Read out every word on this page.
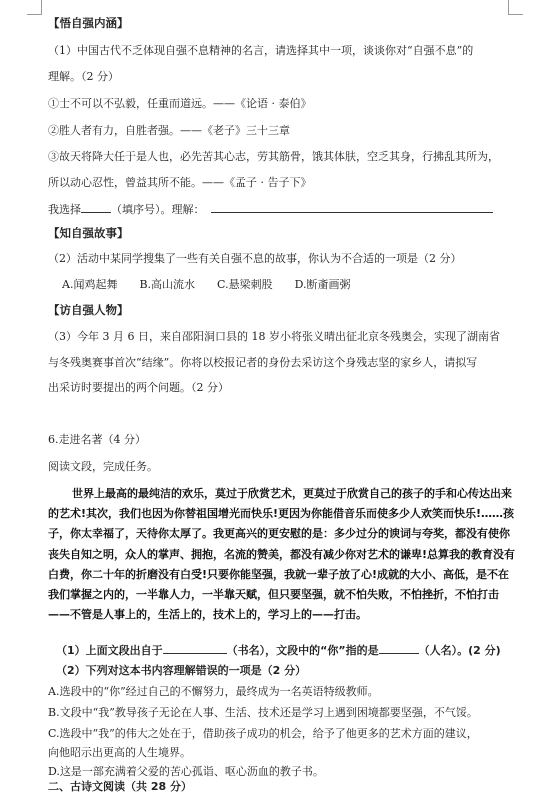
【悟自强内涵】
（1）中国古代不乏体现自强不息精神的名言，请选择其中一项，谈谈你对“自强不息”的
理解。（2 分）
①士不可以不弘毅，任重而道远。——《论语 · 泰伯》
②胜人者有力，自胜者强。——《老子》三十三章
③故天将降大任于是人也，必先苦其心志，劳其筋骨，饿其体肤，空乏其身，行拂乱其所为，
所以动心忍性，曾益其所不能。——《孟子 · 告子下》
我选择	（填序号）。理解：
【知自强故事】
（2）活动中某同学搜集了一些有关自强不息的故事，你认为不合适的一项是（2 分）
A.闻鸡起舞 B.高山流水 C.悬梁刺股 D.断齑画粥
【访自强人物】
（3）今年 3 月 6 日，来自邵阳洞口县的 18 岁小将张义晴出征北京冬残奥会，实现了湖南省
与冬残奥赛事首次“结缘”。你将以校报记者的身份去采访这个身残志坚的家乡人，请拟写
出采访时要提出的两个问题。（2 分）
6.走进名著（4 分）
阅读文段，完成任务。
世界上最高的最纯洁的欢乐，莫过于欣赏艺术，更莫过于欣赏自己的孩子的手和心传达出来的艺术!其次，我们也因为你替祖国增光而快乐!更因为你能借音乐而使多少人欢笑而快乐!……孩子，你太幸福了，天待你太厚了。我更高兴的更安慰的是：多少过分的谀词与夸奖，都没有使你丧失自知之明，众人的掌声、拥抱，名流的赞美，都没有减少你对艺术的谦卑!总算我的教育没有白费，你二十年的折磨没有白受!只要你能坚强，我就一辈子放了心!成就的大小、高低，是不在我们掌握之内的，一半靠人力，一半靠天赋，但只要坚强，就不怕失败，不怕挫折，不怕打击——不管是人事上的，生活上的，技术上的，学习上的——打击。
（1）上面文段出自于	（书名），文段中的“你”指的是	（人名）。(2 分)
（2）下列对这本书内容理解错误的一项是（2 分）
A.选段中的“你”经过自己的不懈努力，最终成为一名英语特级教师。
B.文段中“我”教导孩子无论在人事、生活、技术还是学习上遇到困境都要坚强，不气馁。
C.选段中“我”的伟大之处在于，借助孩子成功的机会，给予了他更多的艺术方面的建议，
向他昭示出更高的人生境界。
D.这是一部充满着父爱的苦心孤诣、呕心沥血的教子书。
二、古诗文阅读（共 28 分）
